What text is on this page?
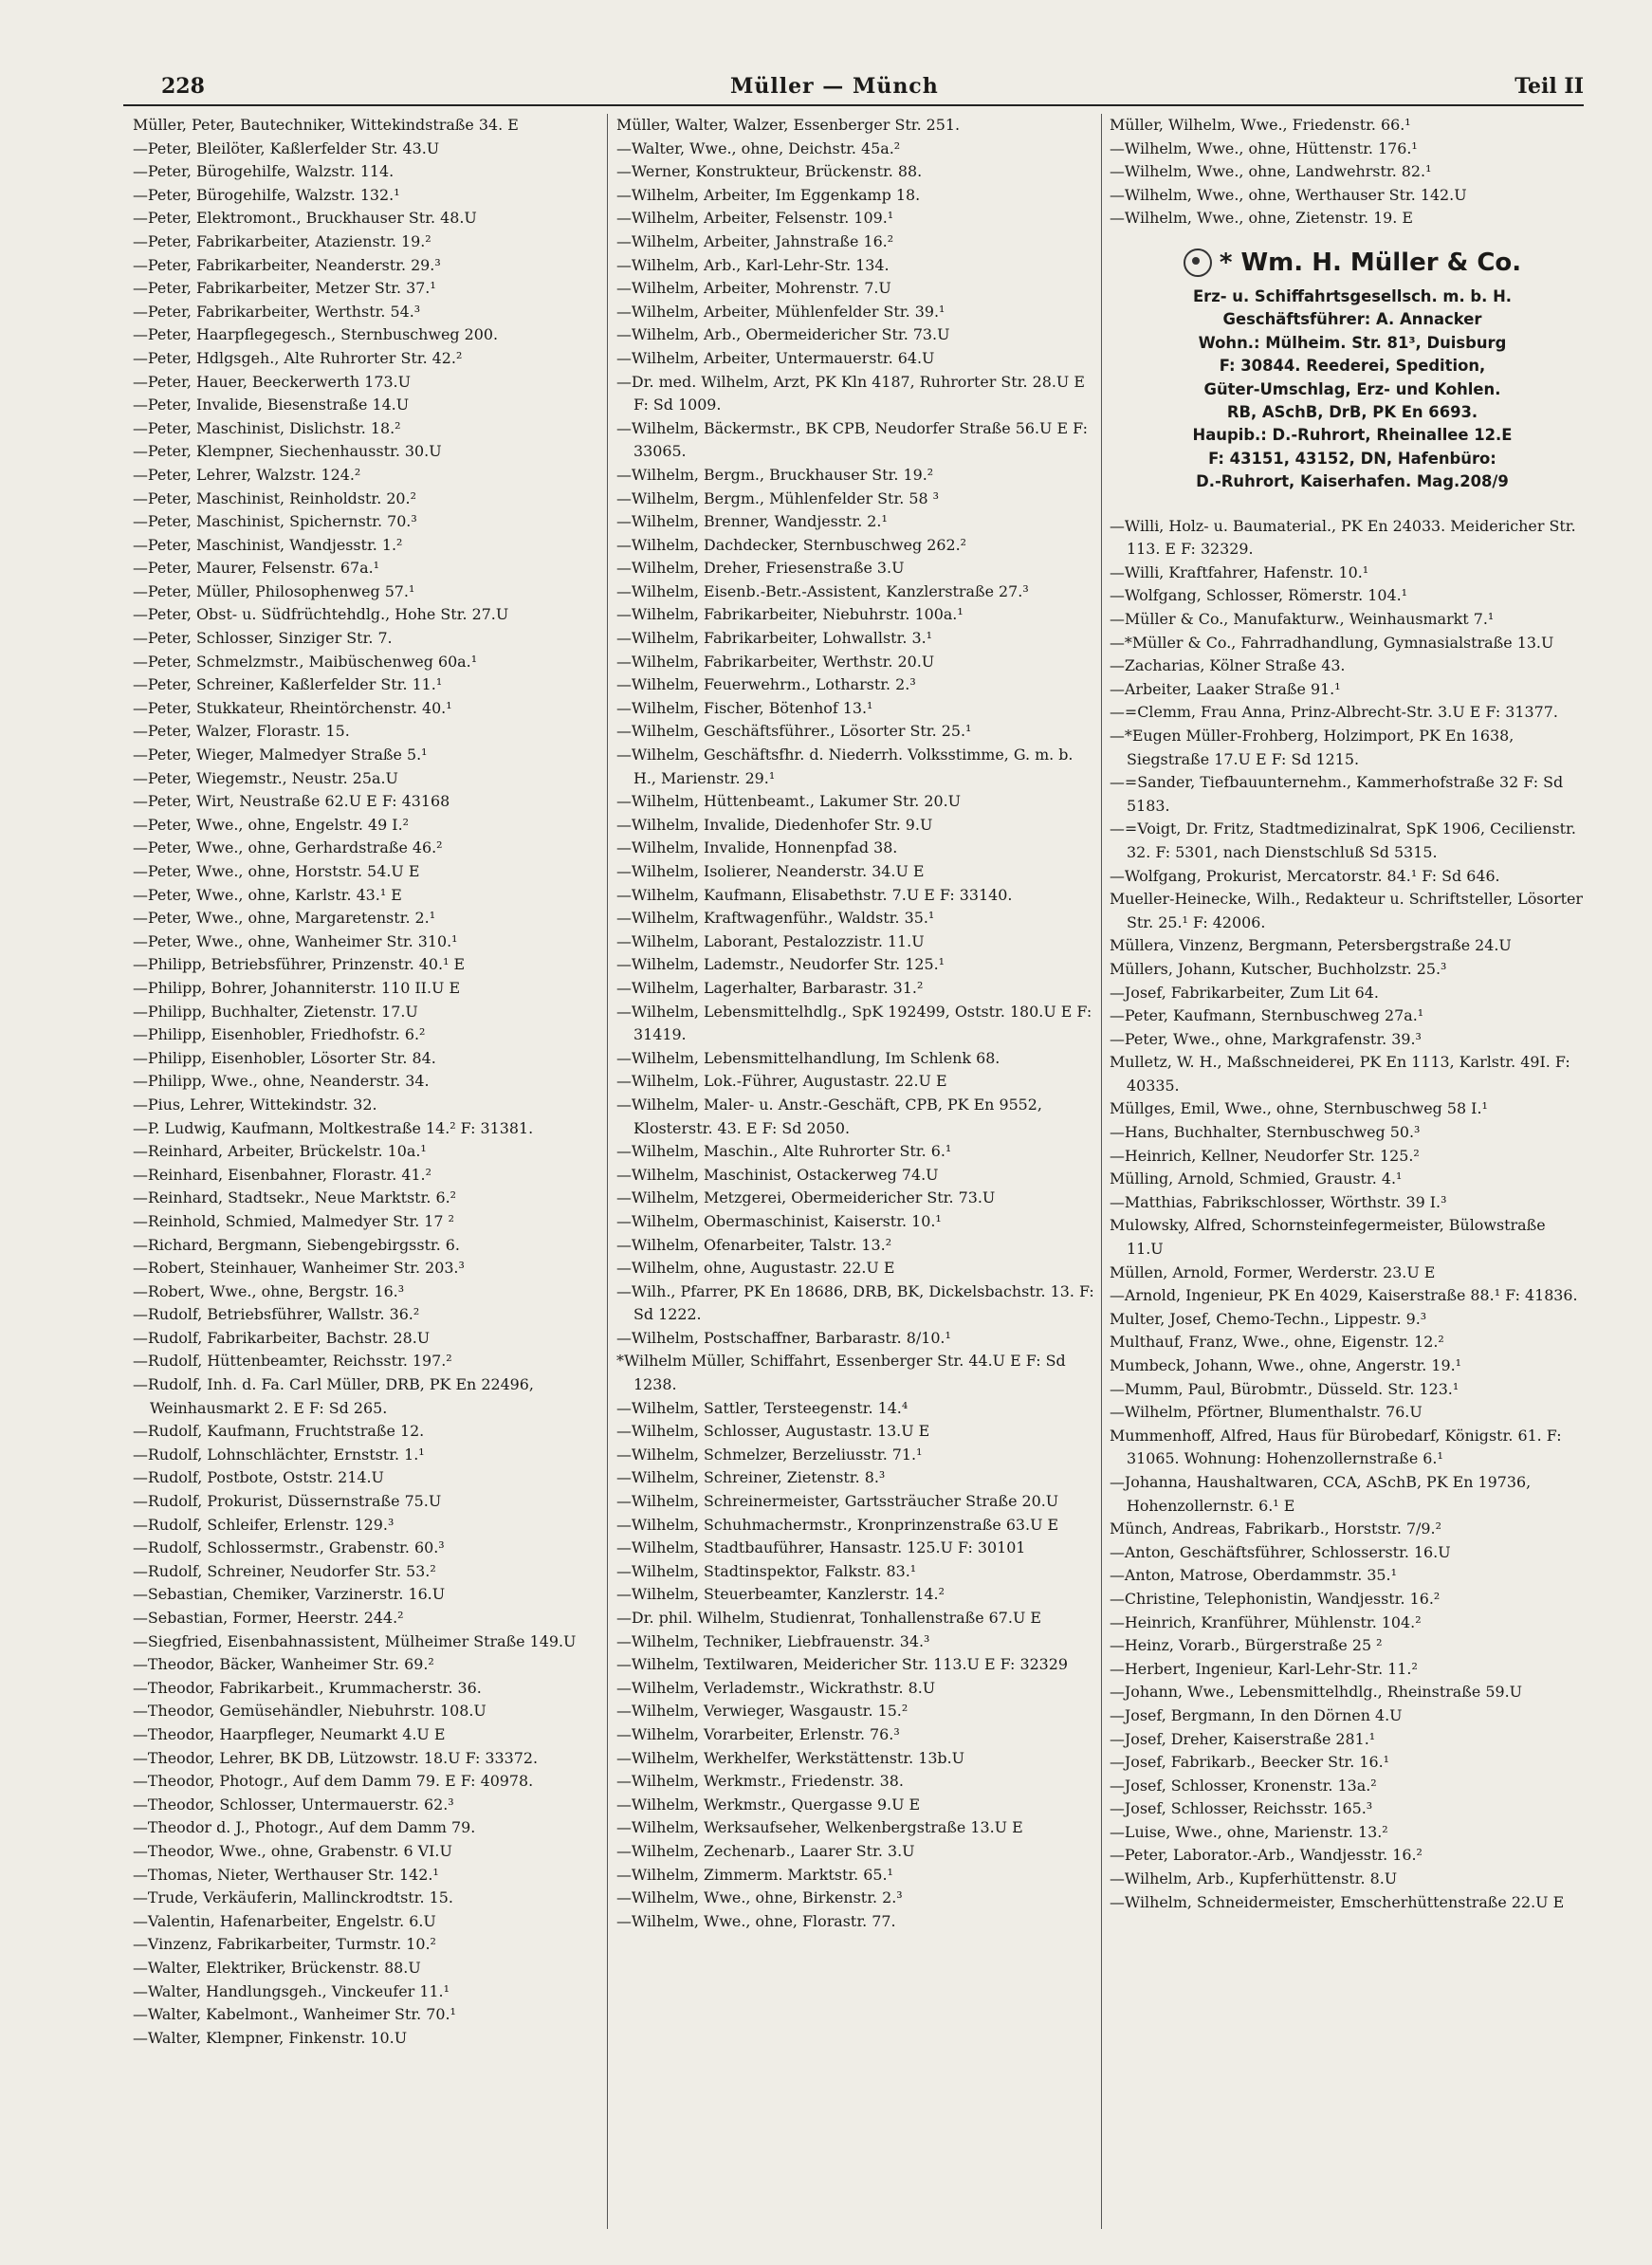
228	Müller — Münch	Teil II

Müller, Peter, Bautechniker, Wittekindstraße 34. E

—Peter, Bleilöter, Kaßlerfelder Str. 43.U

—Peter, Bürogehilfe, Walzstr. 114.

—Peter, Bürogehilfe, Walzstr. 132.¹

—Peter, Elektromont., Bruckhauser Str. 48.U

—Peter, Fabrikarbeiter, Atazienstr. 19.²

—Peter, Fabrikarbeiter, Neanderstr. 29.³

—Peter, Fabrikarbeiter, Metzer Str. 37.¹

—Peter, Fabrikarbeiter, Werthstr. 54.³

—Peter, Haarpflegegesch., Sternbuschweg 200.

—Peter, Hdlgsgeh., Alte Ruhrorter Str. 42.²

—Peter, Hauer, Beeckerwerth 173.U

—Peter, Invalide, Biesenstraße 14.U

—Peter, Maschinist, Dislichstr. 18.²

—Peter, Klempner, Siechenhausstr. 30.U

—Peter, Lehrer, Walzstr. 124.²

—Peter, Maschinist, Reinholdstr. 20.²

—Peter, Maschinist, Spichernstr. 70.³

—Peter, Maschinist, Wandjesstr. 1.²

—Peter, Maurer, Felsenstr. 67a.¹

—Peter, Müller, Philosophenweg 57.¹

—Peter, Obst- u. Südfrüchtehdlg., Hohe Str. 27.U

—Peter, Schlosser, Sinziger Str. 7.

—Peter, Schmelzmstr., Maibüschenweg 60a.¹

—Peter, Schreiner, Kaßlerfelder Str. 11.¹

—Peter, Stukkateur, Rheintörchenstr. 40.¹

—Peter, Walzer, Florastr. 15.

—Peter, Wieger, Malmedyer Straße 5.¹

—Peter, Wiegemstr., Neustr. 25a.U

—Peter, Wirt, Neustraße 62.U E F: 43168

—Peter, Wwe., ohne, Engelstr. 49 I.²

—Peter, Wwe., ohne, Gerhardstraße 46.²

—Peter, Wwe., ohne, Horststr. 54.U E

—Peter, Wwe., ohne, Karlstr. 43.¹ E

—Peter, Wwe., ohne, Margaretenstr. 2.¹

—Peter, Wwe., ohne, Wanheimer Str. 310.¹

—Philipp, Betriebsführer, Prinzenstr. 40.¹ E

—Philipp, Bohrer, Johanniterstr. 110 II.U E

—Philipp, Buchhalter, Zietenstr. 17.U

—Philipp, Eisenhobler, Friedhofstr. 6.²

—Philipp, Eisenhobler, Lösorter Str. 84.

—Philipp, Wwe., ohne, Neanderstr. 34.

—Pius, Lehrer, Wittekindstr. 32.

—P. Ludwig, Kaufmann, Moltkestraße 14.² F: 31381.

—Reinhard, Arbeiter, Brückelstr. 10a.¹

—Reinhard, Eisenbahner, Florastr. 41.²

—Reinhard, Stadtsekr., Neue Marktstr. 6.²

—Reinhold, Schmied, Malmedyer Str. 17 ²

—Richard, Bergmann, Siebengebirgsstr. 6.

—Robert, Steinhauer, Wanheimer Str. 203.³

—Robert, Wwe., ohne, Bergstr. 16.³

—Rudolf, Betriebsführer, Wallstr. 36.²

—Rudolf, Fabrikarbeiter, Bachstr. 28.U

—Rudolf, Hüttenbeamter, Reichsstr. 197.²

—Rudolf, Inh. d. Fa. Carl Müller, DRB, PK En 22496, Weinhausmarkt 2. E F: Sd 265.

—Rudolf, Kaufmann, Fruchtstraße 12.

—Rudolf, Lohnschlächter, Ernststr. 1.¹

—Rudolf, Postbote, Oststr. 214.U

—Rudolf, Prokurist, Düssernstraße 75.U

—Rudolf, Schleifer, Erlenstr. 129.³

—Rudolf, Schlossermstr., Grabenstr. 60.³

—Rudolf, Schreiner, Neudorfer Str. 53.²

—Sebastian, Chemiker, Varzinerstr. 16.U

—Sebastian, Former, Heerstr. 244.²

—Siegfried, Eisenbahnassistent, Mülheimer Straße 149.U

—Theodor, Bäcker, Wanheimer Str. 69.²

—Theodor, Fabrikarbeit., Krummacherstr. 36.

—Theodor, Gemüsehändler, Niebuhrstr. 108.U

—Theodor, Haarpfleger, Neumarkt 4.U E

—Theodor, Lehrer, BK DB, Lützowstr. 18.U F: 33372.

—Theodor, Photogr., Auf dem Damm 79. E F: 40978.

—Theodor, Schlosser, Untermauerstr. 62.³

—Theodor d. J., Photogr., Auf dem Damm 79.

—Theodor, Wwe., ohne, Grabenstr. 6 VI.U

—Thomas, Nieter, Werthauser Str. 142.¹

—Trude, Verkäuferin, Mallinckrodtstr. 15.

—Valentin, Hafenarbeiter, Engelstr. 6.U

—Vinzenz, Fabrikarbeiter, Turmstr. 10.²

—Walter, Elektriker, Brückenstr. 88.U

—Walter, Handlungsgeh., Vinckeufer 11.¹

—Walter, Kabelmont., Wanheimer Str. 70.¹

—Walter, Klempner, Finkenstr. 10.U

Müller, Walter, Walzer, Essenberger Str. 251.

—Walter, Wwe., ohne, Deichstr. 45a.²

—Werner, Konstrukteur, Brückenstr. 88.

—Wilhelm, Arbeiter, Im Eggenkamp 18.

—Wilhelm, Arbeiter, Felsenstr. 109.¹

—Wilhelm, Arbeiter, Jahnstraße 16.²

—Wilhelm, Arb., Karl-Lehr-Str. 134.

—Wilhelm, Arbeiter, Mohrenstr. 7.U

—Wilhelm, Arbeiter, Mühlenfelder Str. 39.¹

—Wilhelm, Arb., Obermeidericher Str. 73.U

—Wilhelm, Arbeiter, Untermauerstr. 64.U

—Dr. med. Wilhelm, Arzt, PK Kln 4187, Ruhrorter Str. 28.U E F: Sd 1009.

—Wilhelm, Bäckermstr., BK CPB, Neudorfer Straße 56.U E F: 33065.

—Wilhelm, Bergm., Bruckhauser Str. 19.²

—Wilhelm, Bergm., Mühlenfelder Str. 58 ³

—Wilhelm, Brenner, Wandjesstr. 2.¹

—Wilhelm, Dachdecker, Sternbuschweg 262.²

—Wilhelm, Dreher, Friesenstraße 3.U

—Wilhelm, Eisenb.-Betr.-Assistent, Kanzlerstraße 27.³

—Wilhelm, Fabrikarbeiter, Niebuhrstr. 100a.¹

—Wilhelm, Fabrikarbeiter, Lohwallstr. 3.¹

—Wilhelm, Fabrikarbeiter, Werthstr. 20.U

—Wilhelm, Feuerwehrm., Lotharstr. 2.³

—Wilhelm, Fischer, Bötenhof 13.¹

—Wilhelm, Geschäftsführer., Lösorter Str. 25.¹

—Wilhelm, Geschäftsfhr. d. Niederrh. Volksstimme, G. m. b. H., Marienstr. 29.¹

—Wilhelm, Hüttenbeamt., Lakumer Str. 20.U

—Wilhelm, Invalide, Diedenhofer Str. 9.U

—Wilhelm, Invalide, Honnenpfad 38.

—Wilhelm, Isolierer, Neanderstr. 34.U E

—Wilhelm, Kaufmann, Elisabethstr. 7.U E F: 33140.

—Wilhelm, Kraftwagenführ., Waldstr. 35.¹

—Wilhelm, Laborant, Pestalozzistr. 11.U

—Wilhelm, Lademstr., Neudorfer Str. 125.¹

—Wilhelm, Lagerhalter, Barbarastr. 31.²

—Wilhelm, Lebensmittelhdlg., SpK 192499, Oststr. 180.U E F: 31419.

—Wilhelm, Lebensmittelhandlung, Im Schlenk 68.

—Wilhelm, Lok.-Führer, Augustastr. 22.U E

—Wilhelm, Maler- u. Anstr.-Geschäft, CPB, PK En 9552, Klosterstr. 43. E F: Sd 2050.

—Wilhelm, Maschin., Alte Ruhrorter Str. 6.¹

—Wilhelm, Maschinist, Ostackerweg 74.U

—Wilhelm, Metzgerei, Obermeidericher Str. 73.U

—Wilhelm, Obermaschinist, Kaiserstr. 10.¹

—Wilhelm, Ofenarbeiter, Talstr. 13.²

—Wilhelm, ohne, Augustastr. 22.U E

—Wilh., Pfarrer, PK En 18686, DRB, BK, Dickelsbachstr. 13. F: Sd 1222.

—Wilhelm, Postschaffner, Barbarastr. 8/10.¹

*Wilhelm Müller, Schiffahrt, Essenberger Str. 44.U E F: Sd 1238.

—Wilhelm, Sattler, Tersteegenstr. 14.⁴

—Wilhelm, Schlosser, Augustastr. 13.U E

—Wilhelm, Schmelzer, Berzeliusstr. 71.¹

—Wilhelm, Schreiner, Zietenstr. 8.³

—Wilhelm, Schreinermeister, Gartssträucher Straße 20.U

—Wilhelm, Schuhmachermstr., Kronprinzenstraße 63.U E

—Wilhelm, Stadtbauführer, Hansastr. 125.U F: 30101

—Wilhelm, Stadtinspektor, Falkstr. 83.¹

—Wilhelm, Steuerbeamter, Kanzlerstr. 14.²

—Dr. phil. Wilhelm, Studienrat, Tonhallenstraße 67.U E

—Wilhelm, Techniker, Liebfrauenstr. 34.³

—Wilhelm, Textilwaren, Meidericher Str. 113.U E F: 32329

—Wilhelm, Verlademstr., Wickrathstr. 8.U

—Wilhelm, Verwieger, Wasgaustr. 15.²

—Wilhelm, Vorarbeiter, Erlenstr. 76.³

—Wilhelm, Werkhelfer, Werkstättenstr. 13b.U

—Wilhelm, Werkmstr., Friedenstr. 38.

—Wilhelm, Werkmstr., Quergasse 9.U E

—Wilhelm, Werksaufseher, Welkenbergstraße 13.U E

—Wilhelm, Zechenarb., Laarer Str. 3.U

—Wilhelm, Zimmerm. Marktstr. 65.¹

—Wilhelm, Wwe., ohne, Birkenstr. 2.³

—Wilhelm, Wwe., ohne, Florastr. 77.

Müller, Wilhelm, Wwe., Friedenstr. 66.¹

—Wilhelm, Wwe., ohne, Hüttenstr. 176.¹

—Wilhelm, Wwe., ohne, Landwehrstr. 82.¹

—Wilhelm, Wwe., ohne, Werthauser Str. 142.U

—Wilhelm, Wwe., ohne, Zietenstr. 19. E

* Wm. H. Müller & Co.
Erz- u. Schiffahrtsgesellsch. m. b. H.
Geschäftsführer: A. Annacker
Wohn.: Mülheim. Str. 81³, Duisburg
F: 30844. Reederei, Spedition,
Güter-Umschlag, Erz- und Kohlen.
RB, ASchB, DrB, PK En 6693.
Haupib.: D.-Ruhrort, Rheinallee 12.E
F: 43151, 43152, DN, Hafenbüro:
D.-Ruhrort, Kaiserhafen. Mag.208/9

—Willi, Holz- u. Baumaterial., PK En 24033. Meidericher Str. 113. E F: 32329.

—Willi, Kraftfahrer, Hafenstr. 10.¹

—Wolfgang, Schlosser, Römerstr. 104.¹

—Müller & Co., Manufakturw., Weinhausmarkt 7.¹

—*Müller & Co., Fahrradhandlung, Gymnasialstraße 13.U

—Zacharias, Kölner Straße 43.

—Arbeiter, Laaker Straße 91.¹

—=Clemm, Frau Anna, Prinz-Albrecht-Str. 3.U E F: 31377.

—*Eugen Müller-Frohberg, Holzimport, PK En 1638, Siegstraße 17.U E F: Sd 1215.

—=Sander, Tiefbauunternehm., Kammerhofstraße 32 F: Sd 5183.

—=Voigt, Dr. Fritz, Stadtmedizinalrat, SpK 1906, Cecilienstr. 32. F: 5301, nach Dienstschluß Sd 5315.

—Wolfgang, Prokurist, Mercatorstr. 84.¹ F: Sd 646.

Mueller-Heinecke, Wilh., Redakteur u. Schriftsteller, Lösorter Str. 25.¹ F: 42006.

Müllera, Vinzenz, Bergmann, Petersbergstraße 24.U

Müllers, Johann, Kutscher, Buchholzstr. 25.³

—Josef, Fabrikarbeiter, Zum Lit 64.

—Peter, Kaufmann, Sternbuschweg 27a.¹

—Peter, Wwe., ohne, Markgrafenstr. 39.³

Mulletz, W. H., Maßschneiderei, PK En 1113, Karlstr. 49I. F: 40335.

Müllges, Emil, Wwe., ohne, Sternbuschweg 58 I.¹

—Hans, Buchhalter, Sternbuschweg 50.³

—Heinrich, Kellner, Neudorfer Str. 125.²

Mülling, Arnold, Schmied, Graustr. 4.¹

—Matthias, Fabrikschlosser, Wörthstr. 39 I.³

Mulowsky, Alfred, Schornsteinfegermeister, Bülowstraße 11.U

Müllen, Arnold, Former, Werderstr. 23.U E

—Arnold, Ingenieur, PK En 4029, Kaiserstraße 88.¹ F: 41836.

Multer, Josef, Chemo-Techn., Lippestr. 9.³

Multhauf, Franz, Wwe., ohne, Eigenstr. 12.²

Mumbeck, Johann, Wwe., ohne, Angerstr. 19.¹

—Mumm, Paul, Bürobmtr., Düsseld. Str. 123.¹

—Wilhelm, Pförtner, Blumenthalstr. 76.U

Mummenhoff, Alfred, Haus für Bürobedarf, Königstr. 61. F: 31065. Wohnung: Hohenzollernstraße 6.¹

—Johanna, Haushaltwaren, CCA, ASchB, PK En 19736, Hohenzollernstr. 6.¹ E

Münch, Andreas, Fabrikarb., Horststr. 7/9.²

—Anton, Geschäftsführer, Schlosserstr. 16.U

—Anton, Matrose, Oberdammstr. 35.¹

—Christine, Telephonistin, Wandjesstr. 16.²

—Heinrich, Kranführer, Mühlenstr. 104.²

—Heinz, Vorarb., Bürgerstraße 25 ²

—Herbert, Ingenieur, Karl-Lehr-Str. 11.²

—Johann, Wwe., Lebensmittelhdlg., Rheinstraße 59.U

—Josef, Bergmann, In den Dörnen 4.U

—Josef, Dreher, Kaiserstraße 281.¹

—Josef, Fabrikarb., Beecker Str. 16.¹

—Josef, Schlosser, Kronenstr. 13a.²

—Josef, Schlosser, Reichsstr. 165.³

—Luise, Wwe., ohne, Marienstr. 13.²

—Peter, Laborator.-Arb., Wandjesstr. 16.²

—Wilhelm, Arb., Kupferhüttenstr. 8.U

—Wilhelm, Schneidermeister, Emscherhüttenstraße 22.U E
